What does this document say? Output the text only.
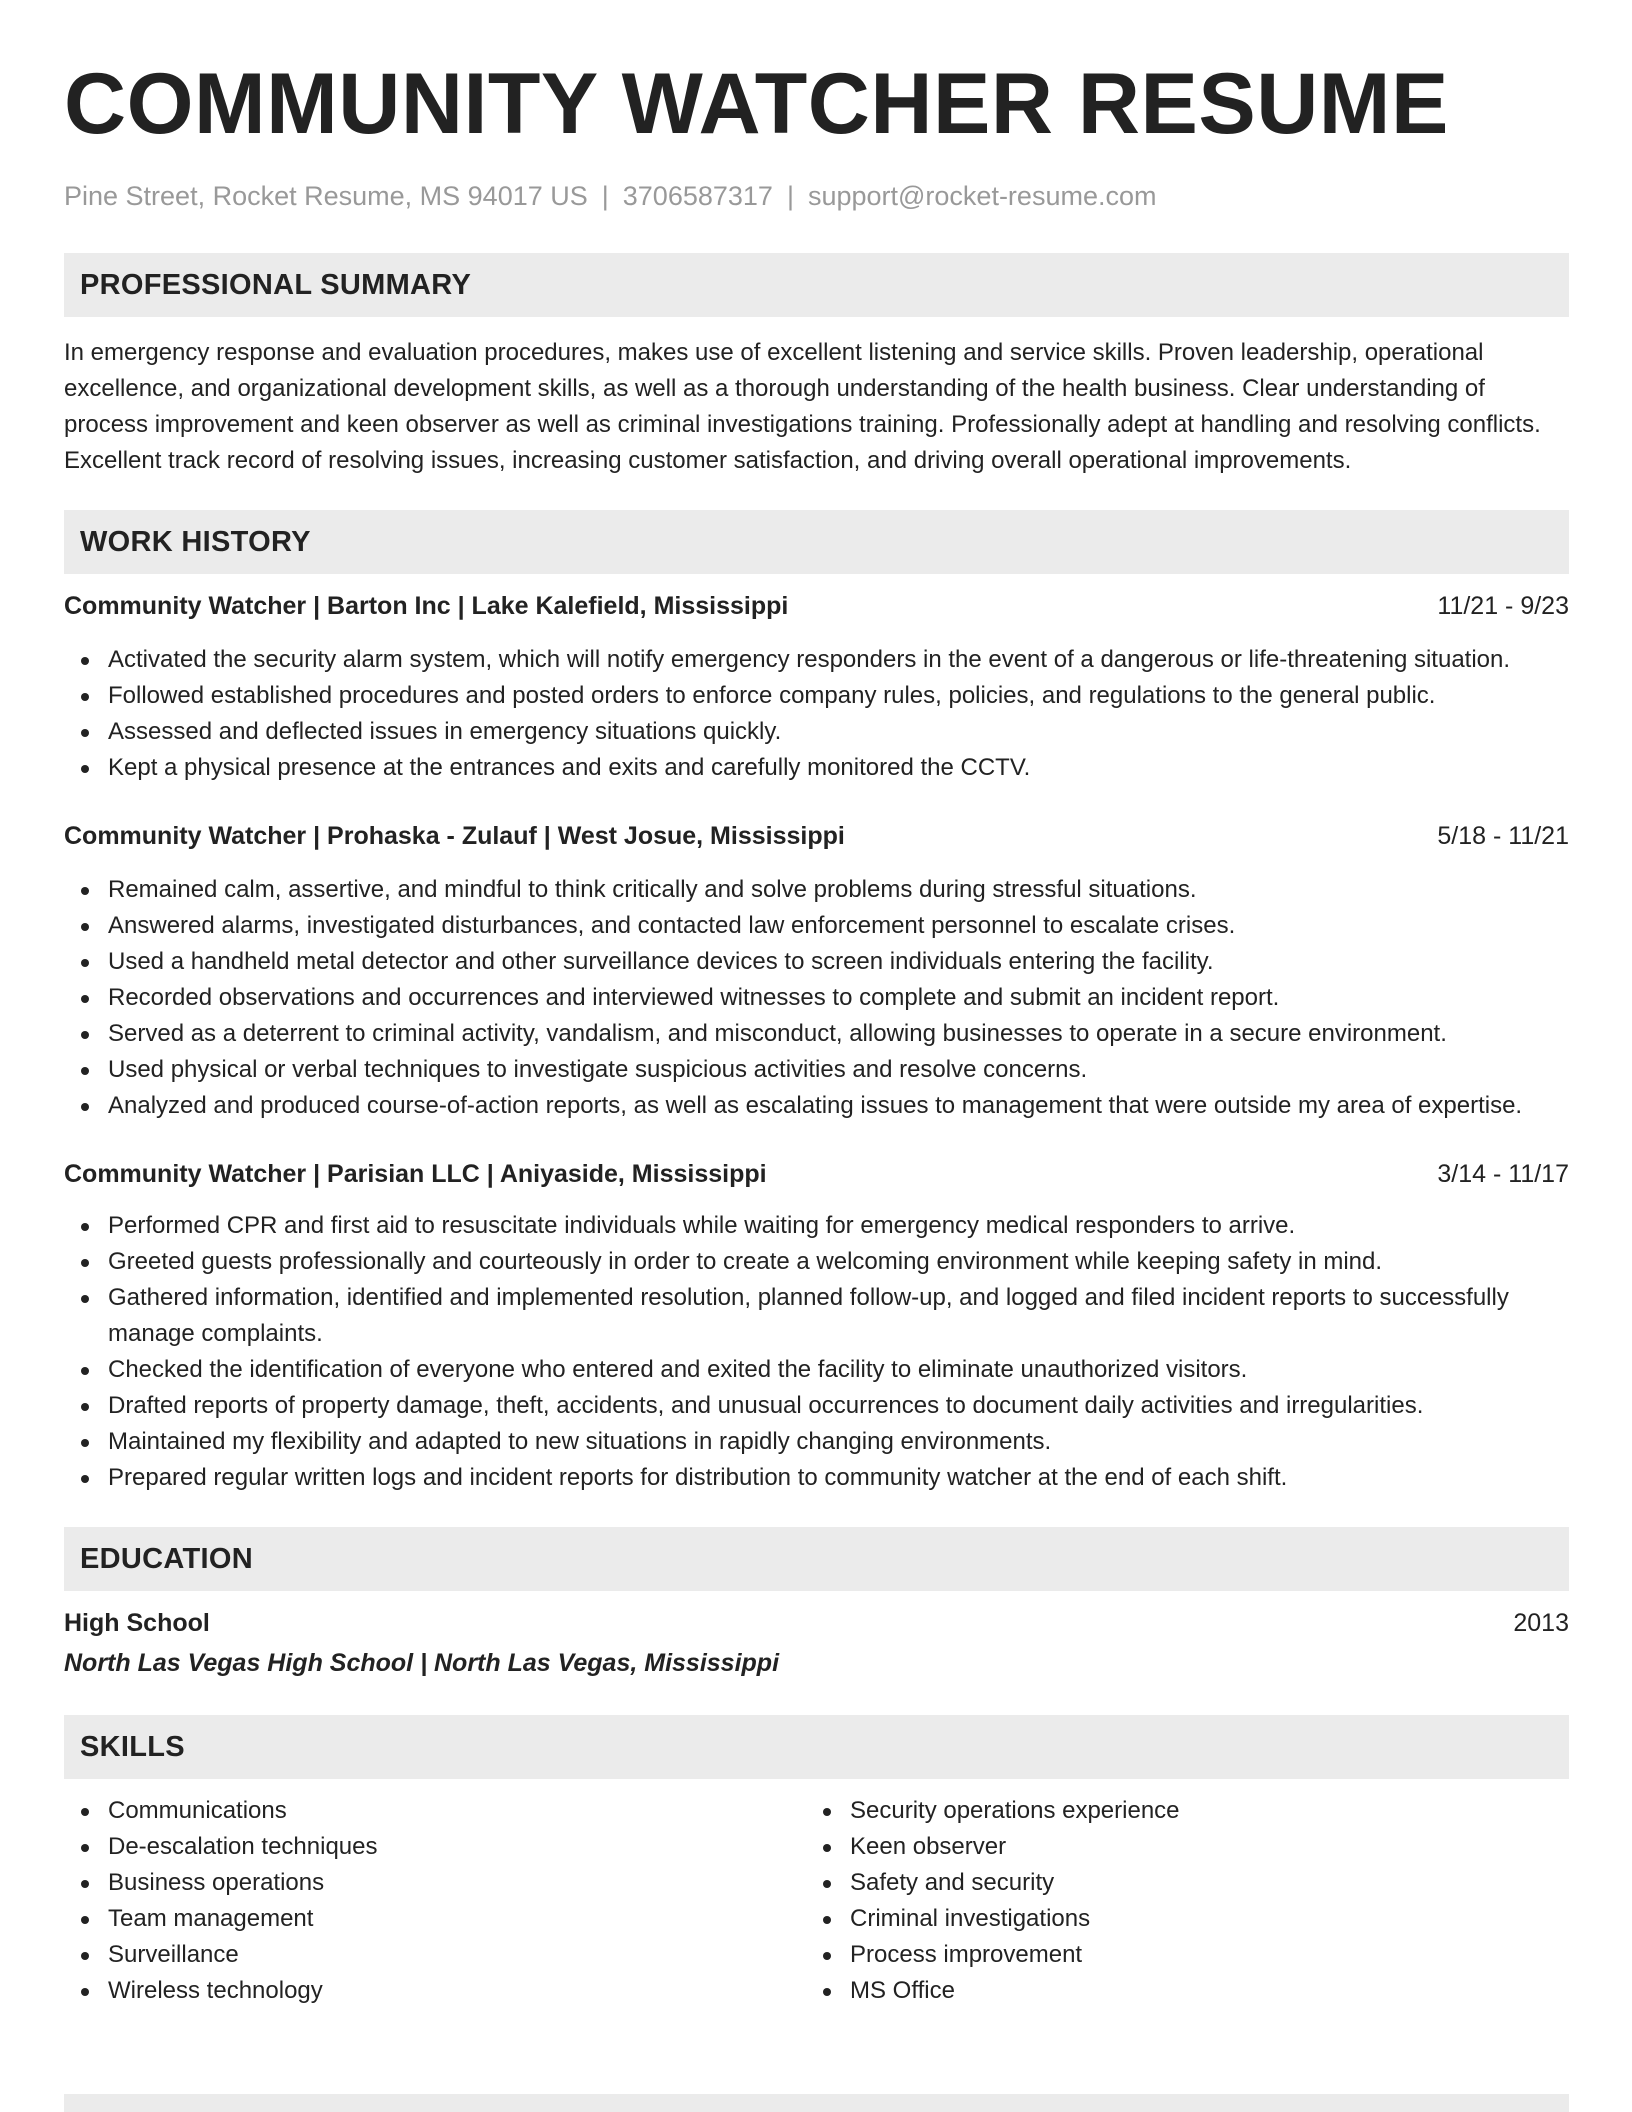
COMMUNITY WATCHER RESUME
Pine Street, Rocket Resume, MS 94017 US | 3706587317 | support@rocket-resume.com
PROFESSIONAL SUMMARY

In emergency response and evaluation procedures, makes use of excellent listening and service skills. Proven leadership, operational excellence, and organizational development skills, as well as a thorough understanding of the health business. Clear understanding of process improvement and keen observer as well as criminal investigations training. Professionally adept at handling and resolving conflicts. Excellent track record of resolving issues, increasing customer satisfaction, and driving overall operational improvements.

WORK HISTORY
Community Watcher | Barton Inc | Lake Kalefield, Mississippi	11/21 - 9/23
Activated the security alarm system, which will notify emergency responders in the event of a dangerous or life-threatening situation.
Followed established procedures and posted orders to enforce company rules, policies, and regulations to the general public.
Assessed and deflected issues in emergency situations quickly.
Kept a physical presence at the entrances and exits and carefully monitored the CCTV.
Community Watcher | Prohaska - Zulauf | West Josue, Mississippi	5/18 - 11/21
Remained calm, assertive, and mindful to think critically and solve problems during stressful situations.
Answered alarms, investigated disturbances, and contacted law enforcement personnel to escalate crises.
Used a handheld metal detector and other surveillance devices to screen individuals entering the facility.
Recorded observations and occurrences and interviewed witnesses to complete and submit an incident report.
Served as a deterrent to criminal activity, vandalism, and misconduct, allowing businesses to operate in a secure environment.
Used physical or verbal techniques to investigate suspicious activities and resolve concerns.
Analyzed and produced course-of-action reports, as well as escalating issues to management that were outside my area of expertise.
Community Watcher | Parisian LLC | Aniyaside, Mississippi	3/14 - 11/17
Performed CPR and first aid to resuscitate individuals while waiting for emergency medical responders to arrive.
Greeted guests professionally and courteously in order to create a welcoming environment while keeping safety in mind.
Gathered information, identified and implemented resolution, planned follow-up, and logged and filed incident reports to successfully manage complaints.
Checked the identification of everyone who entered and exited the facility to eliminate unauthorized visitors.
Drafted reports of property damage, theft, accidents, and unusual occurrences to document daily activities and irregularities.
Maintained my flexibility and adapted to new situations in rapidly changing environments.
Prepared regular written logs and incident reports for distribution to community watcher at the end of each shift.
EDUCATION
High School	2013
North Las Vegas High School | North Las Vegas, Mississippi
SKILLS
Communications
De-escalation techniques
Business operations
Team management
Surveillance
Wireless technology
Security operations experience
Keen observer
Safety and security
Criminal investigations
Process improvement
MS Office
